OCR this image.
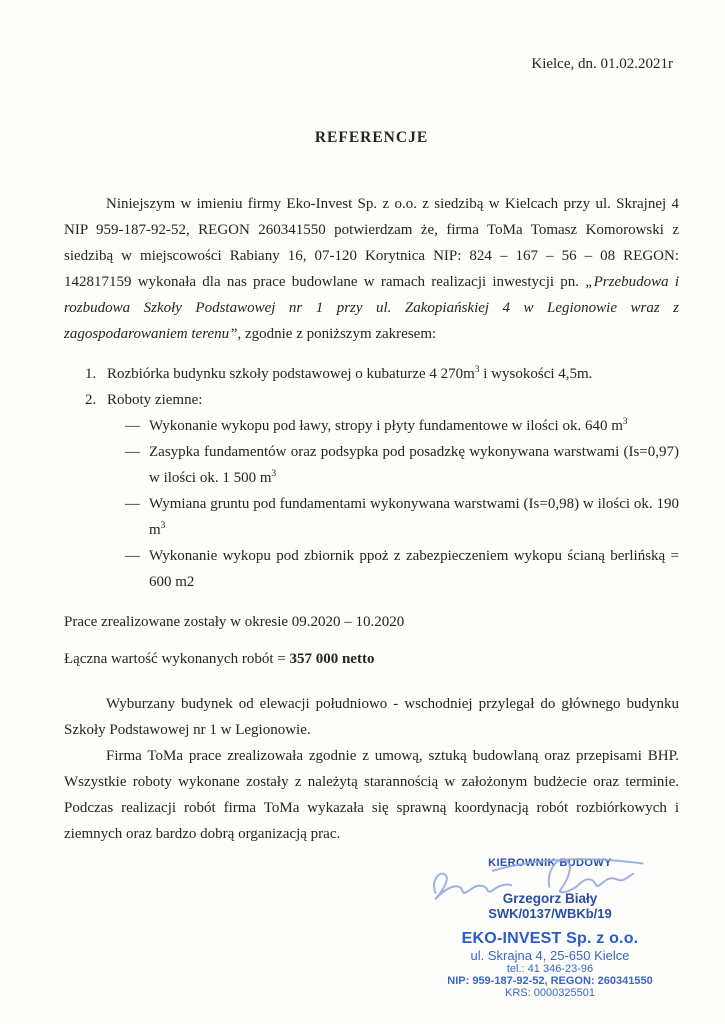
Kielce, dn. 01.02.2021r
REFERENCJE

Niniejszym w imieniu firmy Eko-Invest Sp. z o.o. z siedzibą w Kielcach przy ul. Skrajnej 4 NIP 959-187-92-52, REGON 260341550 potwierdzam że, firma ToMa Tomasz Komorowski z siedzibą w miejscowości Rabiany 16, 07-120 Korytnica NIP: 824 – 167 – 56 – 08 REGON: 142817159 wykonała dla nas prace budowlane w ramach realizacji inwestycji pn. „Przebudowa i rozbudowa Szkoły Podstawowej nr 1 przy ul. Zakopiańskiej 4 w Legionowie wraz z zagospodarowaniem terenu”, zgodnie z poniższym zakresem:

1. Rozbiórka budynku szkoły podstawowej o kubaturze 4 $270m^3$ i wysokości 4,5m.
2. Roboty ziemne:
— Wykonanie wykopu pod ławy, stropy i płyty fundamentowe w ilości ok. 640 $m^3$
— Zasypka fundamentów oraz podsypka pod posadzkę wykonywana warstwami (Is=0,97) w ilości ok. 1 500 $m^3$
— Wymiana gruntu pod fundamentami wykonywana warstwami (Is=0,98) w ilości ok. 190 $m^3$
— Wykonanie wykopu pod zbiornik ppoż z zabezpieczeniem wykopu ścianą berlińską = 600 m2

Prace zrealizowane zostały w okresie 09.2020 – 10.2020

Łączna wartość wykonanych robót = 357 000 netto

Wyburzany budynek od elewacji południowo - wschodniej przylegał do głównego budynku Szkoły Podstawowej nr 1 w Legionowie.

Firma ToMa prace zrealizowała zgodnie z umową, sztuką budowlaną oraz przepisami BHP. Wszystkie roboty wykonane zostały z należytą starannością w założonym budżecie oraz terminie. Podczas realizacji robót firma ToMa wykazała się sprawną koordynacją robót rozbiórkowych i ziemnych oraz bardzo dobrą organizacją prac.

KIEROWNIK BUDOWY
Grzegorz Biały
SWK/0137/WBKb/19
EKO-INVEST Sp. z o.o.
ul. Skrajna 4, 25-650 Kielce
tel.: 41 346-23-96
NIP: 959-187-92-52, REGON: 260341550
KRS: 0000325501
